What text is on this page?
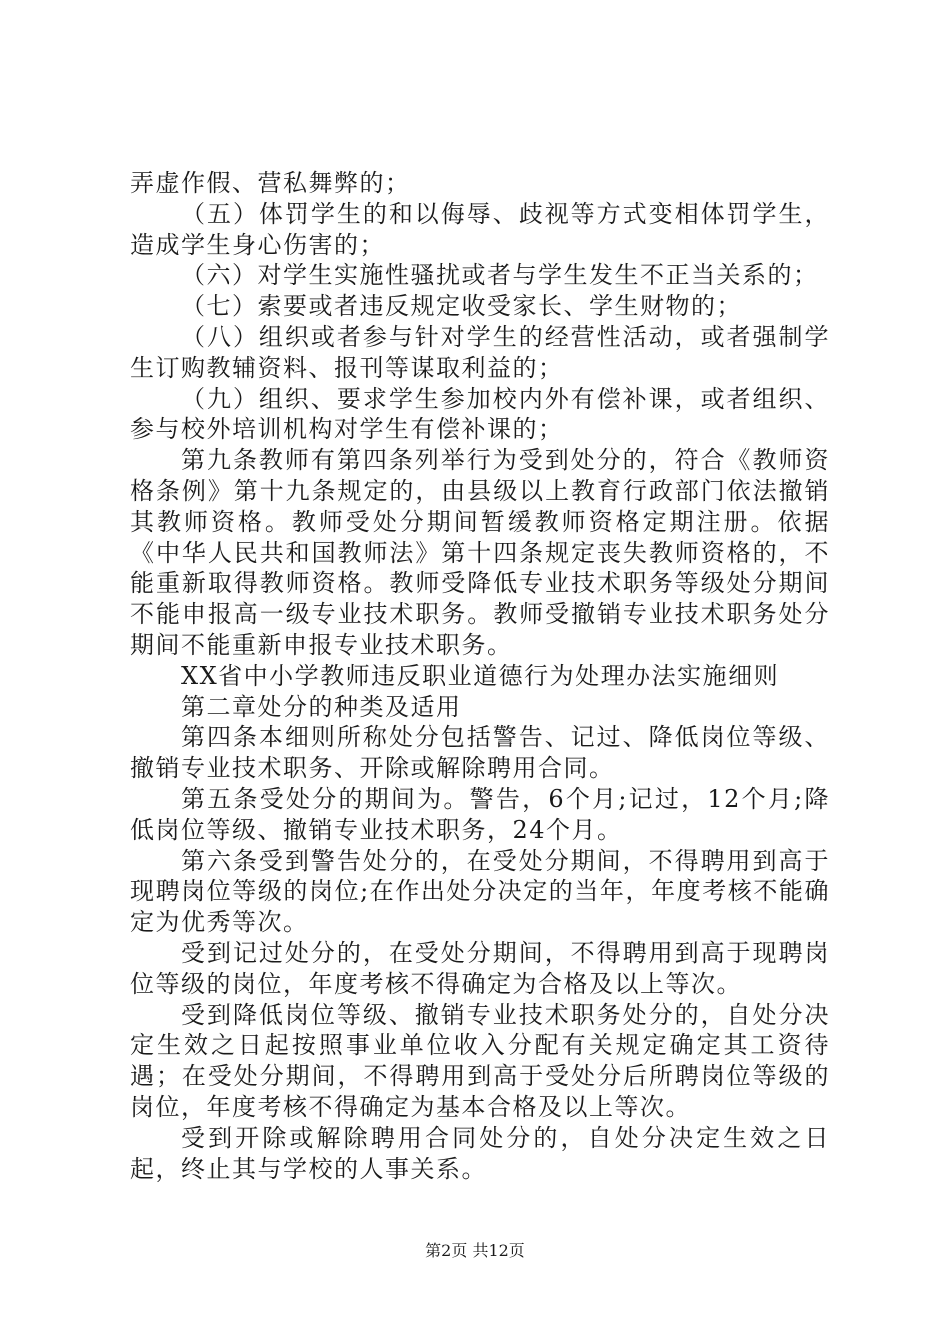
弄虚作假、营私舞弊的；

（五）体罚学生的和以侮辱、歧视等方式变相体罚学生，造成学生身心伤害的；

（六）对学生实施性骚扰或者与学生发生不正当关系的；

（七）索要或者违反规定收受家长、学生财物的；

（八）组织或者参与针对学生的经营性活动，或者强制学生订购教辅资料、报刊等谋取利益的；

（九）组织、要求学生参加校内外有偿补课，或者组织、参与校外培训机构对学生有偿补课的；

第九条教师有第四条列举行为受到处分的，符合《教师资格条例》第十九条规定的，由县级以上教育行政部门依法撤销其教师资格。教师受处分期间暂缓教师资格定期注册。依据《中华人民共和国教师法》第十四条规定丧失教师资格的，不能重新取得教师资格。教师受降低专业技术职务等级处分期间不能申报高一级专业技术职务。教师受撤销专业技术职务处分期间不能重新申报专业技术职务。

XX省中小学教师违反职业道德行为处理办法实施细则

第二章处分的种类及适用

第四条本细则所称处分包括警告、记过、降低岗位等级、撤销专业技术职务、开除或解除聘用合同。

第五条受处分的期间为。警告，6个月;记过，12个月;降低岗位等级、撤销专业技术职务，24个月。

第六条受到警告处分的，在受处分期间，不得聘用到高于现聘岗位等级的岗位;在作出处分决定的当年，年度考核不能确定为优秀等次。

受到记过处分的，在受处分期间，不得聘用到高于现聘岗位等级的岗位，年度考核不得确定为合格及以上等次。

受到降低岗位等级、撤销专业技术职务处分的，自处分决定生效之日起按照事业单位收入分配有关规定确定其工资待遇；在受处分期间，不得聘用到高于受处分后所聘岗位等级的岗位，年度考核不得确定为基本合格及以上等次。

受到开除或解除聘用合同处分的，自处分决定生效之日起，终止其与学校的人事关系。

第2页 共12页
